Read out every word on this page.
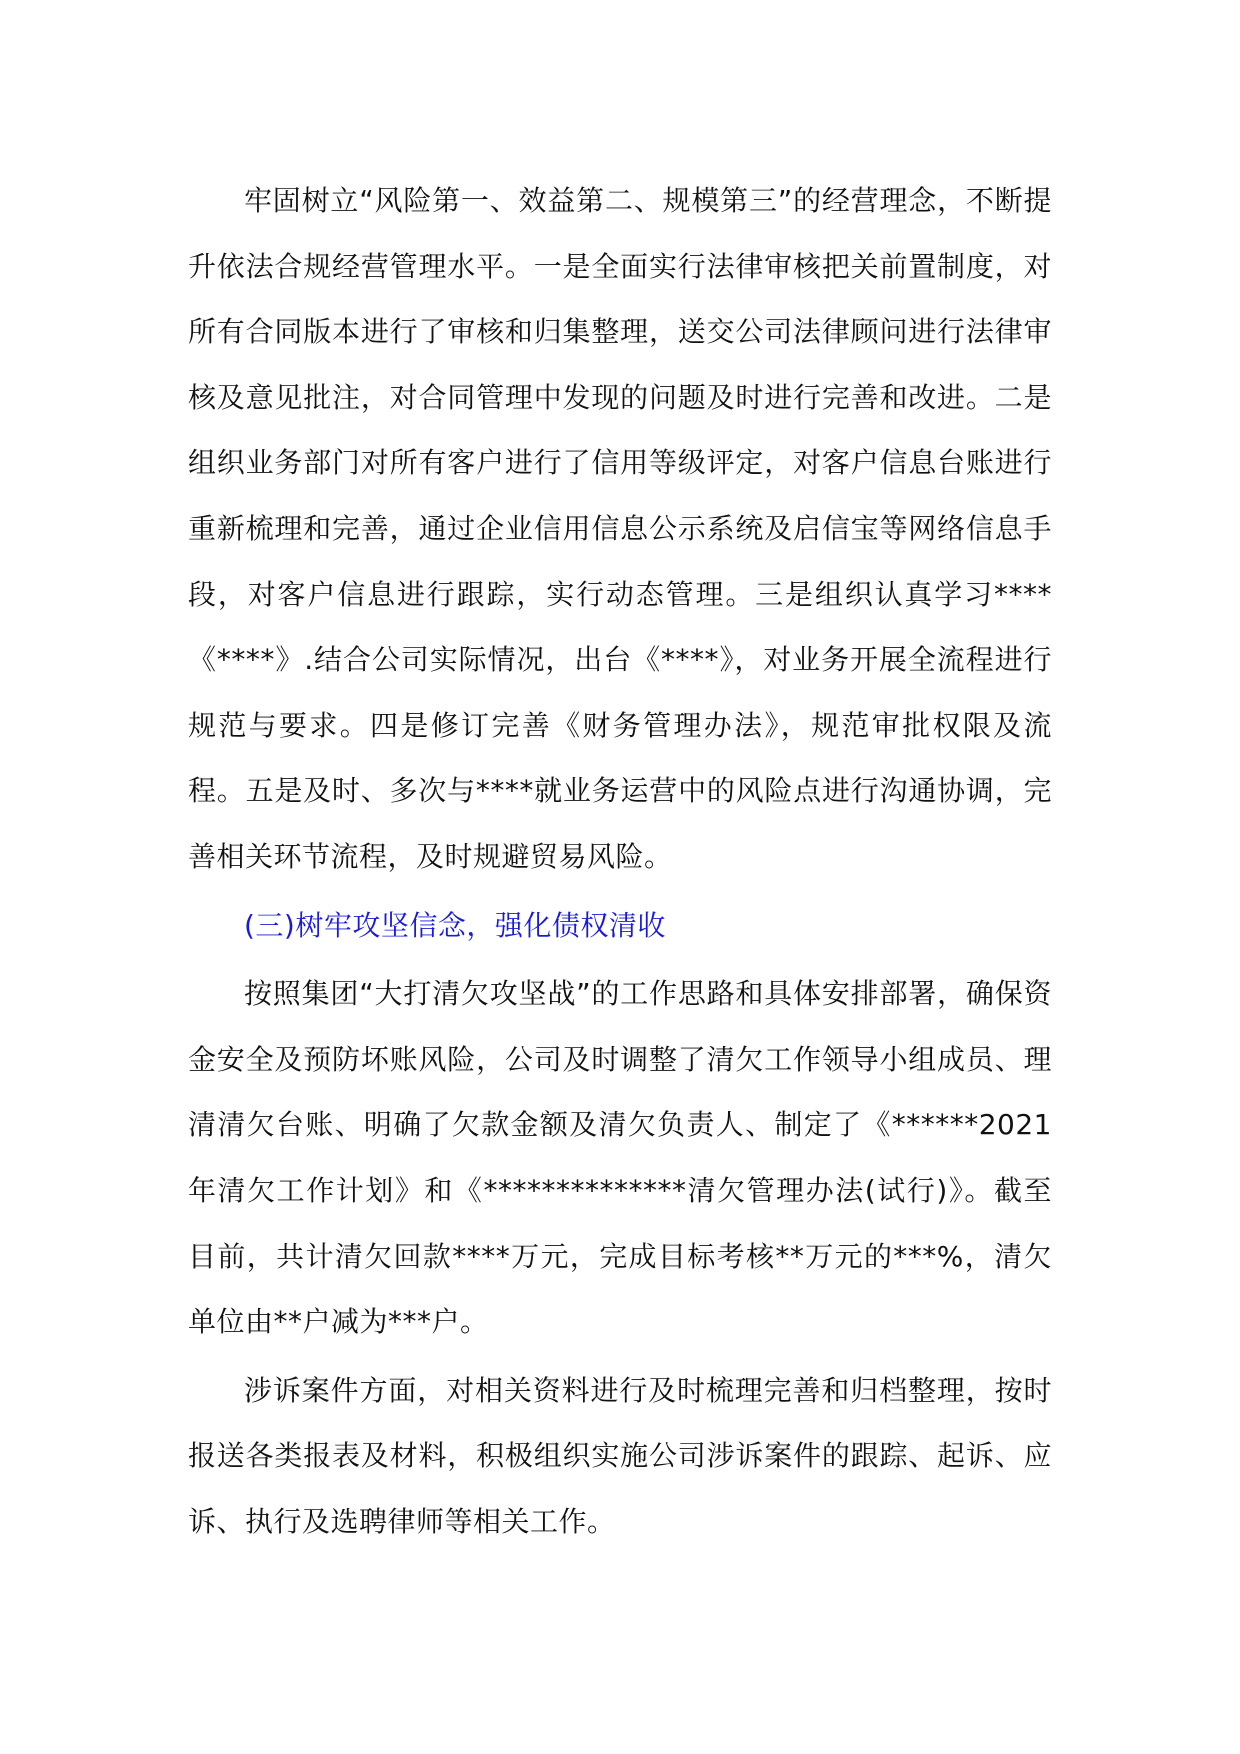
牢固树立“风险第一、效益第二、规模第三”的经营理念，不断提升依法合规经营管理水平。一是全面实行法律审核把关前置制度，对所有合同版本进行了审核和归集整理，送交公司法律顾问进行法律审核及意见批注，对合同管理中发现的问题及时进行完善和改进。二是组织业务部门对所有客户进行了信用等级评定，对客户信息台账进行重新梳理和完善，通过企业信用信息公示系统及启信宝等网络信息手段，对客户信息进行跟踪，实行动态管理。三是组织认真学习****《****》.结合公司实际情况，出台《****》，对业务开展全流程进行规范与要求。四是修订完善《财务管理办法》，规范审批权限及流程。五是及时、多次与****就业务运营中的风险点进行沟通协调，完善相关环节流程，及时规避贸易风险。

(三)树牢攻坚信念，强化债权清收

按照集团“大打清欠攻坚战”的工作思路和具体安排部署，确保资金安全及预防坏账风险，公司及时调整了清欠工作领导小组成员、理清清欠台账、明确了欠款金额及清欠负责人、制定了《******2021 年清欠工作计划》和《**************清欠管理办法(试行)》。截至目前，共计清欠回款****万元，完成目标考核**万元的***%，清欠单位由**户减为***户。

涉诉案件方面，对相关资料进行及时梳理完善和归档整理，按时报送各类报表及材料，积极组织实施公司涉诉案件的跟踪、起诉、应诉、执行及选聘律师等相关工作。
